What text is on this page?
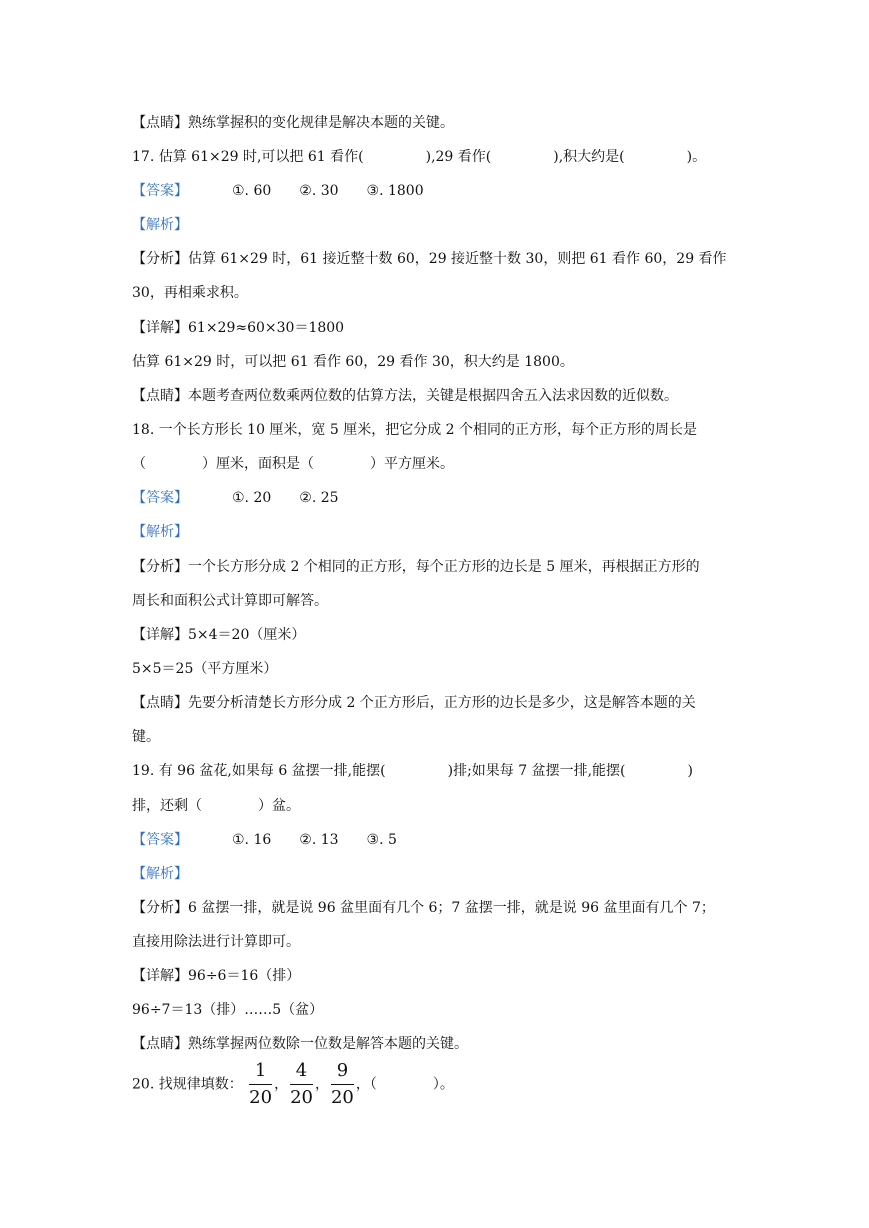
【点睛】熟练掌握积的变化规律是解决本题的关键。
17. 估算 61×29 时,可以把 61 看作(	),29 看作(	),积大约是(	)。
【答案】	①. 60 ②. 30 ③. 1800
【解析】
【分析】估算 61×29 时，61 接近整十数 60，29 接近整十数 30，则把 61 看作 60，29 看作
30，再相乘求积。
【详解】61×29≈60×30＝1800
估算 61×29 时，可以把 61 看作 60，29 看作 30，积大约是 1800。
【点睛】本题考查两位数乘两位数的估算方法，关键是根据四舍五入法求因数的近似数。
18. 一个长方形长 10 厘米，宽 5 厘米，把它分成 2 个相同的正方形，每个正方形的周长是
（	）厘米，面积是（	）平方厘米。
【答案】	①. 20 ②. 25
【解析】
【分析】一个长方形分成 2 个相同的正方形，每个正方形的边长是 5 厘米，再根据正方形的
周长和面积公式计算即可解答。
【详解】5×4＝20（厘米）
5×5＝25（平方厘米）
【点睛】先要分析清楚长方形分成 2 个正方形后，正方形的边长是多少，这是解答本题的关
键。
19. 有 96 盆花,如果每 6 盆摆一排,能摆(	)排;如果每 7 盆摆一排,能摆(	)
排，还剩（	）盆。
【答案】	①. 16 ②. 13 ③. 5
【解析】
【分析】6 盆摆一排，就是说 96 盆里面有几个 6；7 盆摆一排，就是说 96 盆里面有几个 7；
直接用除法进行计算即可。
【详解】96÷6＝16（排）
96÷7＝13（排）……5（盆）
【点睛】熟练掌握两位数除一位数是解答本题的关键。
20. 找规律填数： $\frac{1}{20}$ ， $\frac{4}{20}$ ， $\frac{9}{20}$ ，（	）。
